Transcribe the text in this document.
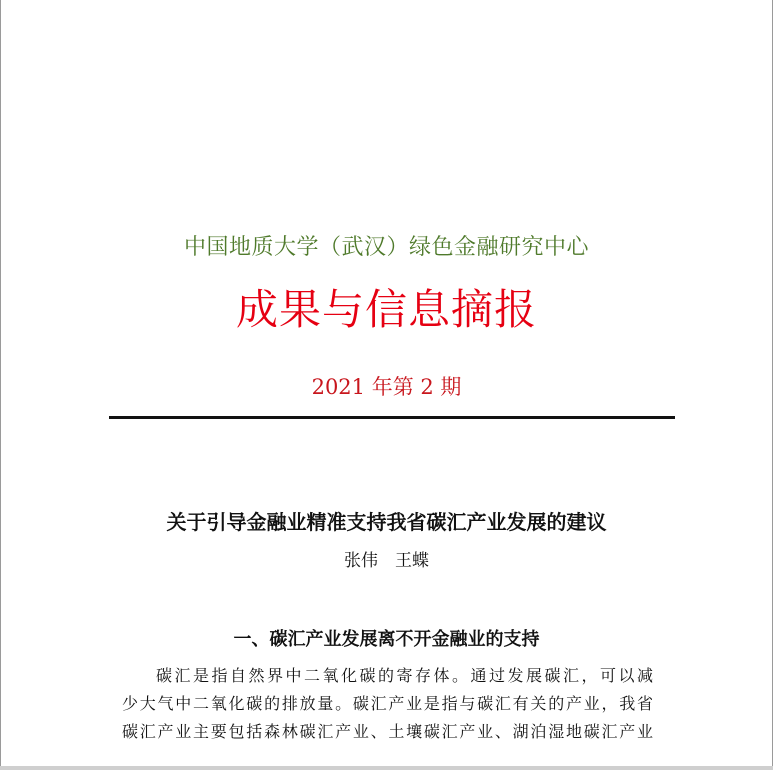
中国地质大学（武汉）绿色金融研究中心
成果与信息摘报
2021 年第 2 期
关于引导金融业精准支持我省碳汇产业发展的建议
张伟　王蝶
一、碳汇产业发展离不开金融业的支持
碳汇是指自然界中二氧化碳的寄存体。通过发展碳汇，可以减
少大气中二氧化碳的排放量。碳汇产业是指与碳汇有关的产业，我省
碳汇产业主要包括森林碳汇产业、土壤碳汇产业、湖泊湿地碳汇产业
